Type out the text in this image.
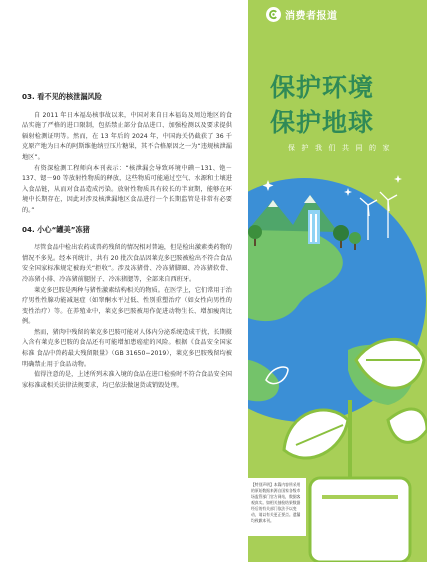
03. 看不见的核泄漏风险

自 2011 年日本福岛核事故以来，中国对来自日本福岛及周边地区的食品实施了严格的进口限制，包括禁止部分食品进口、加强检测以及要求提供辐射检测证明等。然而，在 13 年后的 2024 年，中国海关仍截获了 36 千克原产地为日本的阿斯维他纳豆压片糖果，其不合格原因之一为“违规核泄漏地区”。

有资深检测工程师向本刊表示：“核泄漏会导致环境中碘－131、铯－137、锶－90 等放射性物质的释放，这些物质可能通过空气、水源和土壤进入食品链，从而对食品造成污染。放射性物质具有较长的半衰期，能够在环境中长期存在，因此对涉及核泄漏地区食品进行一个长期监管是非常有必要的。”

04. 小心“罐美”冻猪

尽管食品中检出农药或兽药残留的情况相对普遍，但是检出激素类药物的情况不多见。经本刊统计，共有 20 批次食品因莱克多巴胺被检出不符合食品安全国家标准规定被海关“拒收”。涉及冻猪骨、冷冻猪脚圈、冷冻猪软骨、冷冻猪小排、冷冻猪前腿肘子、冷冻猪腮等，全部来自西班牙。

莱克多巴胺是两种与猪性激素结构相关的物质。在医学上，它们常用于治疗男性性腺功能减退症（如睾酮水平过低、性别重塑治疗（如女性向男性的变性治疗）等。在养殖业中，莱克多巴胺被用作促进动物生长、增加瘦肉比例。

然而，猪肉中残留的莱克多巴胺可能对人体内分泌系统造成干扰，长期摄入含有莱克多巴胺的食品还有可能增加患癌症的风险。根据《食品安全国家标准 食品中兽药最大残留限量》（GB 31650−2019），莱克多巴胺残留均被明确禁止用于食品动物。

值得注意的是，上述所列未准入境的食品在进口检验时不符合食品安全国家标准或相关法律法规要求，均已依法做退货或销毁处理。

消费者报道
保护环境
保护地球
保护我们共同的家
【特别声明】本篇内容所采用的原始数据来源自国家各级市场监管部门官方网站，数据客观真实。如相关抽检结果数据经后的有关部门依法予以变动，请以有关更正要点。遗漏均致歉本刊。
